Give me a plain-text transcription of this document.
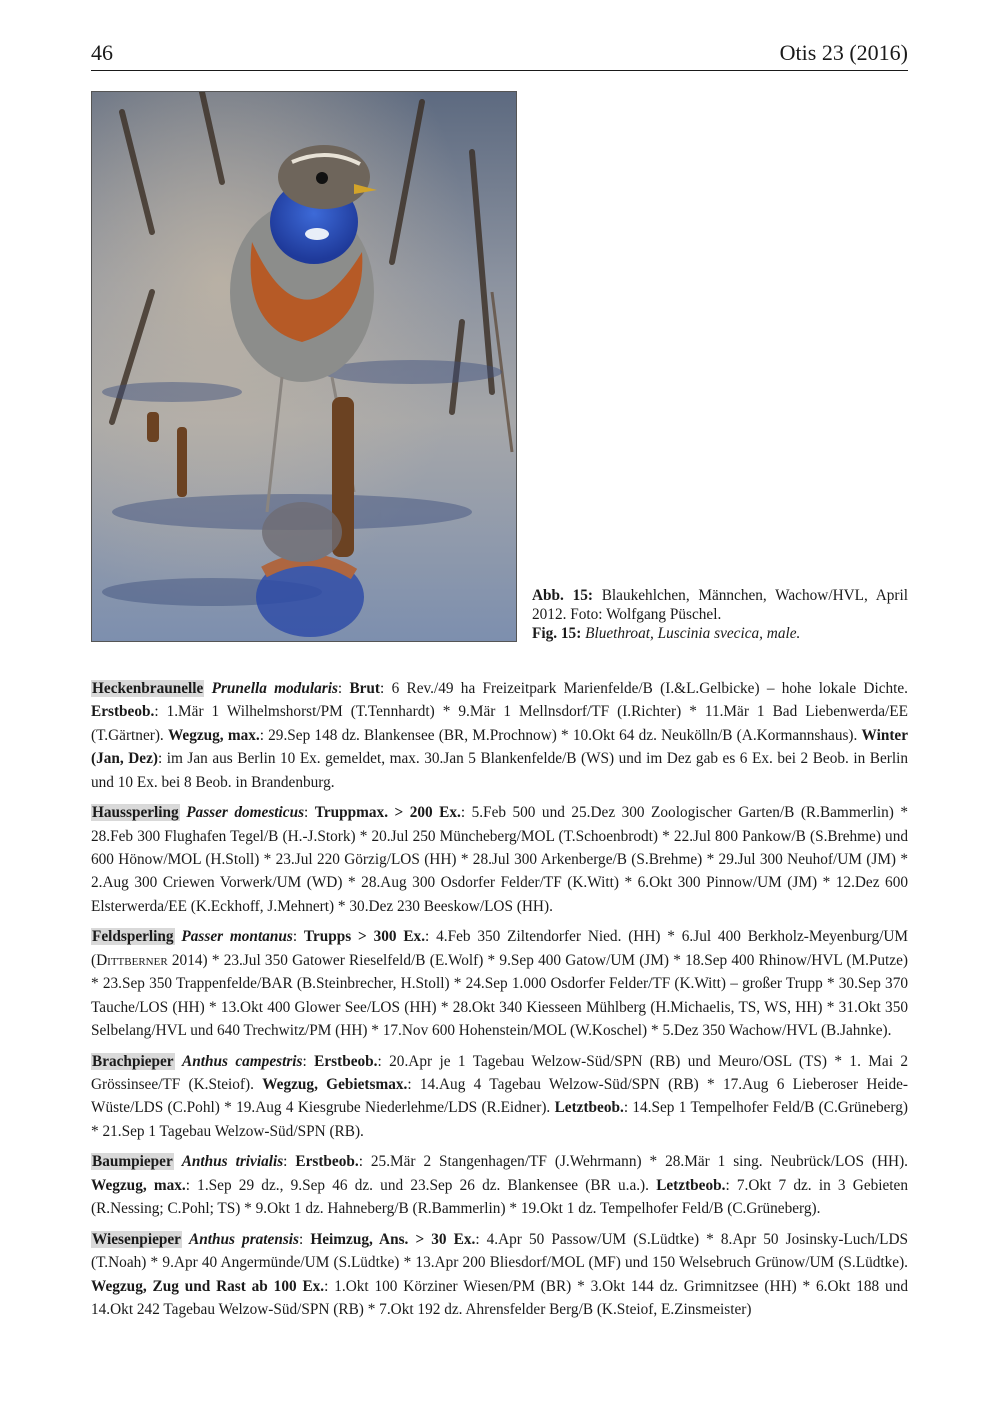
46	Otis 23 (2016)
Abb. 15: Blaukehlchen, Männchen, Wachow/HVL, April 2012. Foto: Wolfgang Püschel.
Fig. 15: Bluethroat, Luscinia svecica, male.

Heckenbraunelle Prunella modularis: Brut: 6 Rev./49 ha Freizeitpark Marienfelde/B (I.&L.Gelbicke) – hohe lokale Dichte. Erstbeob.: 1.Mär 1 Wilhelmshorst/PM (T.Tennhardt) * 9.Mär 1 Mellnsdorf/TF (I.Richter) * 11.Mär 1 Bad Liebenwerda/EE (T.Gärtner). Wegzug, max.: 29.Sep 148 dz. Blankensee (BR, M.Prochnow) * 10.Okt 64 dz. Neukölln/B (A.Kormannshaus). Winter (Jan, Dez): im Jan aus Berlin 10 Ex. gemeldet, max. 30.Jan 5 Blankenfelde/B (WS) und im Dez gab es 6 Ex. bei 2 Beob. in Berlin und 10 Ex. bei 8 Beob. in Brandenburg.

Haussperling Passer domesticus: Truppmax. > 200 Ex.: 5.Feb 500 und 25.Dez 300 Zoologischer Garten/B (R.Bammerlin) * 28.Feb 300 Flughafen Tegel/B (H.-J.Stork) * 20.Jul 250 Müncheberg/MOL (T.Schoenbrodt) * 22.Jul 800 Pankow/B (S.Brehme) und 600 Hönow/MOL (H.Stoll) * 23.Jul 220 Görzig/LOS (HH) * 28.Jul 300 Arkenberge/B (S.Brehme) * 29.Jul 300 Neuhof/UM (JM) * 2.Aug 300 Criewen Vorwerk/UM (WD) * 28.Aug 300 Osdorfer Felder/TF (K.Witt) * 6.Okt 300 Pinnow/UM (JM) * 12.Dez 600 Elsterwerda/EE (K.Eckhoff, J.Mehnert) * 30.Dez 230 Beeskow/LOS (HH).

Feldsperling Passer montanus: Trupps > 300 Ex.: 4.Feb 350 Ziltendorfer Nied. (HH) * 6.Jul 400 Berkholz-Meyenburg/UM (Dittberner 2014) * 23.Jul 350 Gatower Rieselfeld/B (E.Wolf) * 9.Sep 400 Gatow/UM (JM) * 18.Sep 400 Rhinow/HVL (M.Putze) * 23.Sep 350 Trappenfelde/BAR (B.Steinbrecher, H.Stoll) * 24.Sep 1.000 Osdorfer Felder/TF (K.Witt) – großer Trupp * 30.Sep 370 Tauche/LOS (HH) * 13.Okt 400 Glower See/LOS (HH) * 28.Okt 340 Kiesseen Mühlberg (H.Michaelis, TS, WS, HH) * 31.Okt 350 Selbelang/HVL und 640 Trechwitz/PM (HH) * 17.Nov 600 Hohenstein/MOL (W.Koschel) * 5.Dez 350 Wachow/HVL (B.Jahnke).

Brachpieper Anthus campestris: Erstbeob.: 20.Apr je 1 Tagebau Welzow-Süd/SPN (RB) und Meuro/OSL (TS) * 1. Mai 2 Grössinsee/TF (K.Steiof). Wegzug, Gebietsmax.: 14.Aug 4 Tagebau Welzow-Süd/SPN (RB) * 17.Aug 6 Lieberoser Heide-Wüste/LDS (C.Pohl) * 19.Aug 4 Kiesgrube Niederlehme/LDS (R.Eidner). Letztbeob.: 14.Sep 1 Tempelhofer Feld/B (C.Grüneberg) * 21.Sep 1 Tagebau Welzow-Süd/SPN (RB).

Baumpieper Anthus trivialis: Erstbeob.: 25.Mär 2 Stangenhagen/TF (J.Wehrmann) * 28.Mär 1 sing. Neubrück/LOS (HH). Wegzug, max.: 1.Sep 29 dz., 9.Sep 46 dz. und 23.Sep 26 dz. Blankensee (BR u.a.). Letztbeob.: 7.Okt 7 dz. in 3 Gebieten (R.Nessing; C.Pohl; TS) * 9.Okt 1 dz. Hahneberg/B (R.Bammerlin) * 19.Okt 1 dz. Tempelhofer Feld/B (C.Grüneberg).

Wiesenpieper Anthus pratensis: Heimzug, Ans. > 30 Ex.: 4.Apr 50 Passow/UM (S.Lüdtke) * 8.Apr 50 Josinsky-Luch/LDS (T.Noah) * 9.Apr 40 Angermünde/UM (S.Lüdtke) * 13.Apr 200 Bliesdorf/MOL (MF) und 150 Welsebruch Grünow/UM (S.Lüdtke). Wegzug, Zug und Rast ab 100 Ex.: 1.Okt 100 Körziner Wiesen/PM (BR) * 3.Okt 144 dz. Grimnitzsee (HH) * 6.Okt 188 und 14.Okt 242 Tagebau Welzow-Süd/SPN (RB) * 7.Okt 192 dz. Ahrensfelder Berg/B (K.Steiof, E.Zinsmeister)
